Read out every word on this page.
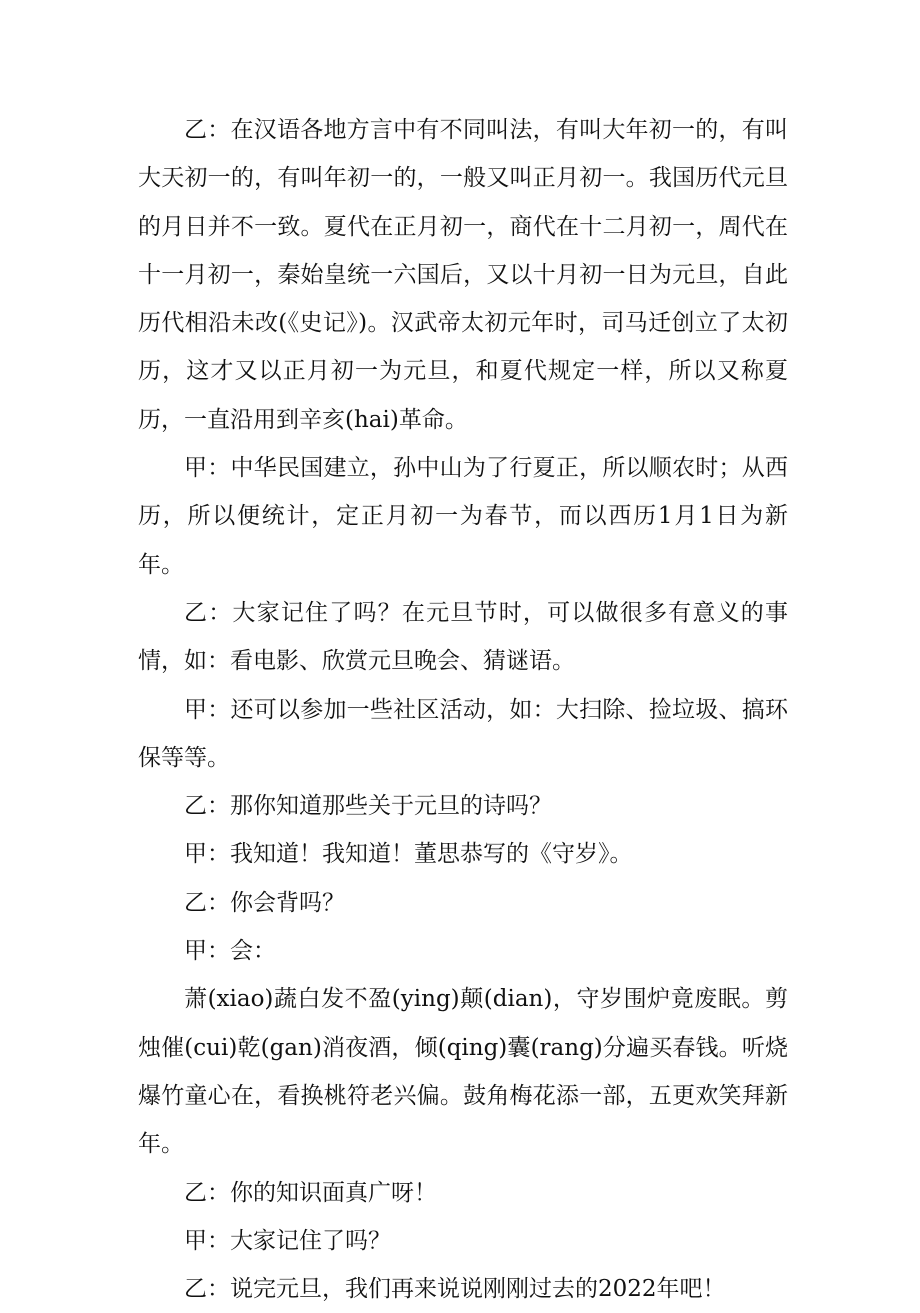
乙：在汉语各地方言中有不同叫法，有叫大年初一的，有叫大天初一的，有叫年初一的，一般又叫正月初一。我国历代元旦的月日并不一致。夏代在正月初一，商代在十二月初一，周代在十一月初一，秦始皇统一六国后，又以十月初一日为元旦，自此历代相沿未改(《史记》)。汉武帝太初元年时，司马迁创立了太初历，这才又以正月初一为元旦，和夏代规定一样，所以又称夏历，一直沿用到辛亥(hai)革命。

甲：中华民国建立，孙中山为了行夏正，所以顺农时；从西历，所以便统计，定正月初一为春节，而以西历1月1日为新年。

乙：大家记住了吗？在元旦节时，可以做很多有意义的事情，如：看电影、欣赏元旦晚会、猜谜语。

甲：还可以参加一些社区活动，如：大扫除、捡垃圾、搞环保等等。

乙：那你知道那些关于元旦的诗吗？

甲：我知道！我知道！董思恭写的《守岁》。

乙：你会背吗？

甲：会：

萧(xiao)蔬白发不盈(ying)颠(dian)，守岁围炉竟废眠。剪烛催(cui)乾(gan)消夜酒，倾(qing)囊(rang)分遍买春钱。听烧爆竹童心在，看换桃符老兴偏。鼓角梅花添一部，五更欢笑拜新年。

乙：你的知识面真广呀！

甲：大家记住了吗？

乙：说完元旦，我们再来说说刚刚过去的2022年吧！
